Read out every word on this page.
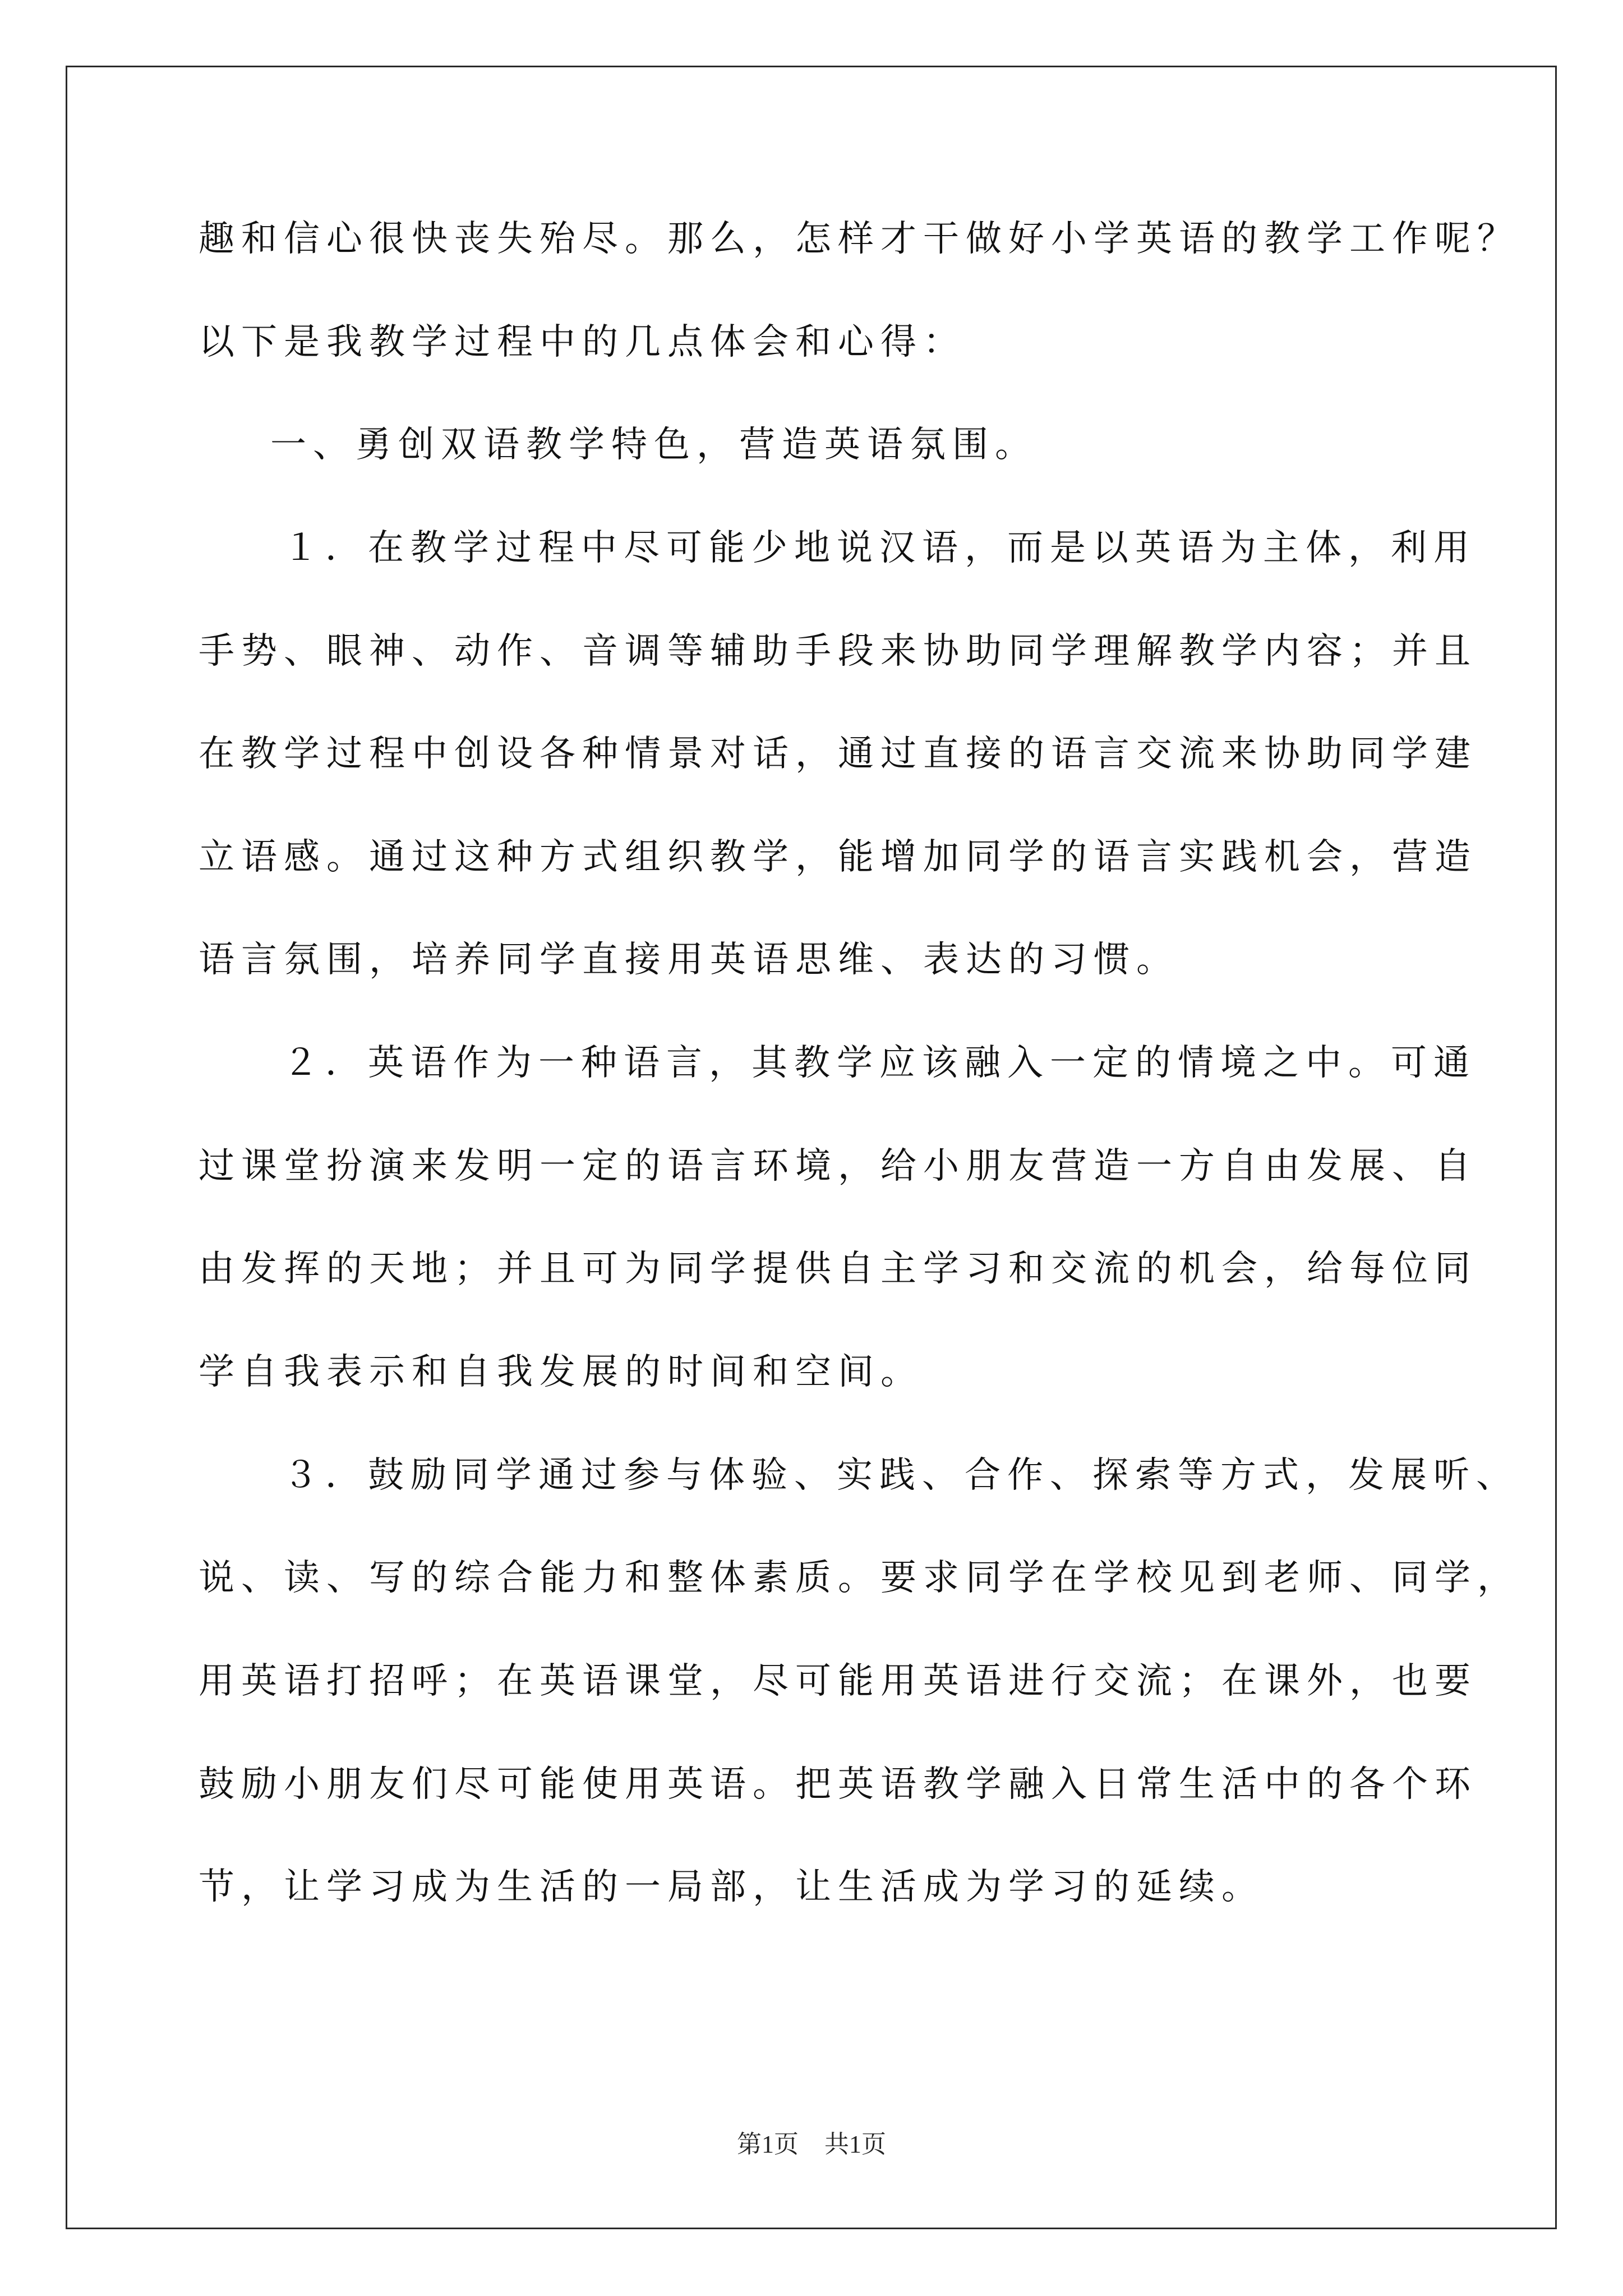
趣和信心很快丧失殆尽。那么，怎样才干做好小学英语的教学工作呢？
以下是我教学过程中的几点体会和心得：
一、勇创双语教学特色，营造英语氛围。
１．在教学过程中尽可能少地说汉语，而是以英语为主体，利用
手势、眼神、动作、音调等辅助手段来协助同学理解教学内容；并且
在教学过程中创设各种情景对话，通过直接的语言交流来协助同学建
立语感。通过这种方式组织教学，能增加同学的语言实践机会，营造
语言氛围，培养同学直接用英语思维、表达的习惯。
２．英语作为一种语言，其教学应该融入一定的情境之中。可通
过课堂扮演来发明一定的语言环境，给小朋友营造一方自由发展、自
由发挥的天地；并且可为同学提供自主学习和交流的机会，给每位同
学自我表示和自我发展的时间和空间。
３．鼓励同学通过参与体验、实践、合作、探索等方式，发展听、
说、读、写的综合能力和整体素质。要求同学在学校见到老师、同学，
用英语打招呼；在英语课堂，尽可能用英语进行交流；在课外，也要
鼓励小朋友们尽可能使用英语。把英语教学融入日常生活中的各个环
节，让学习成为生活的一局部，让生活成为学习的延续。
第1页 共1页
